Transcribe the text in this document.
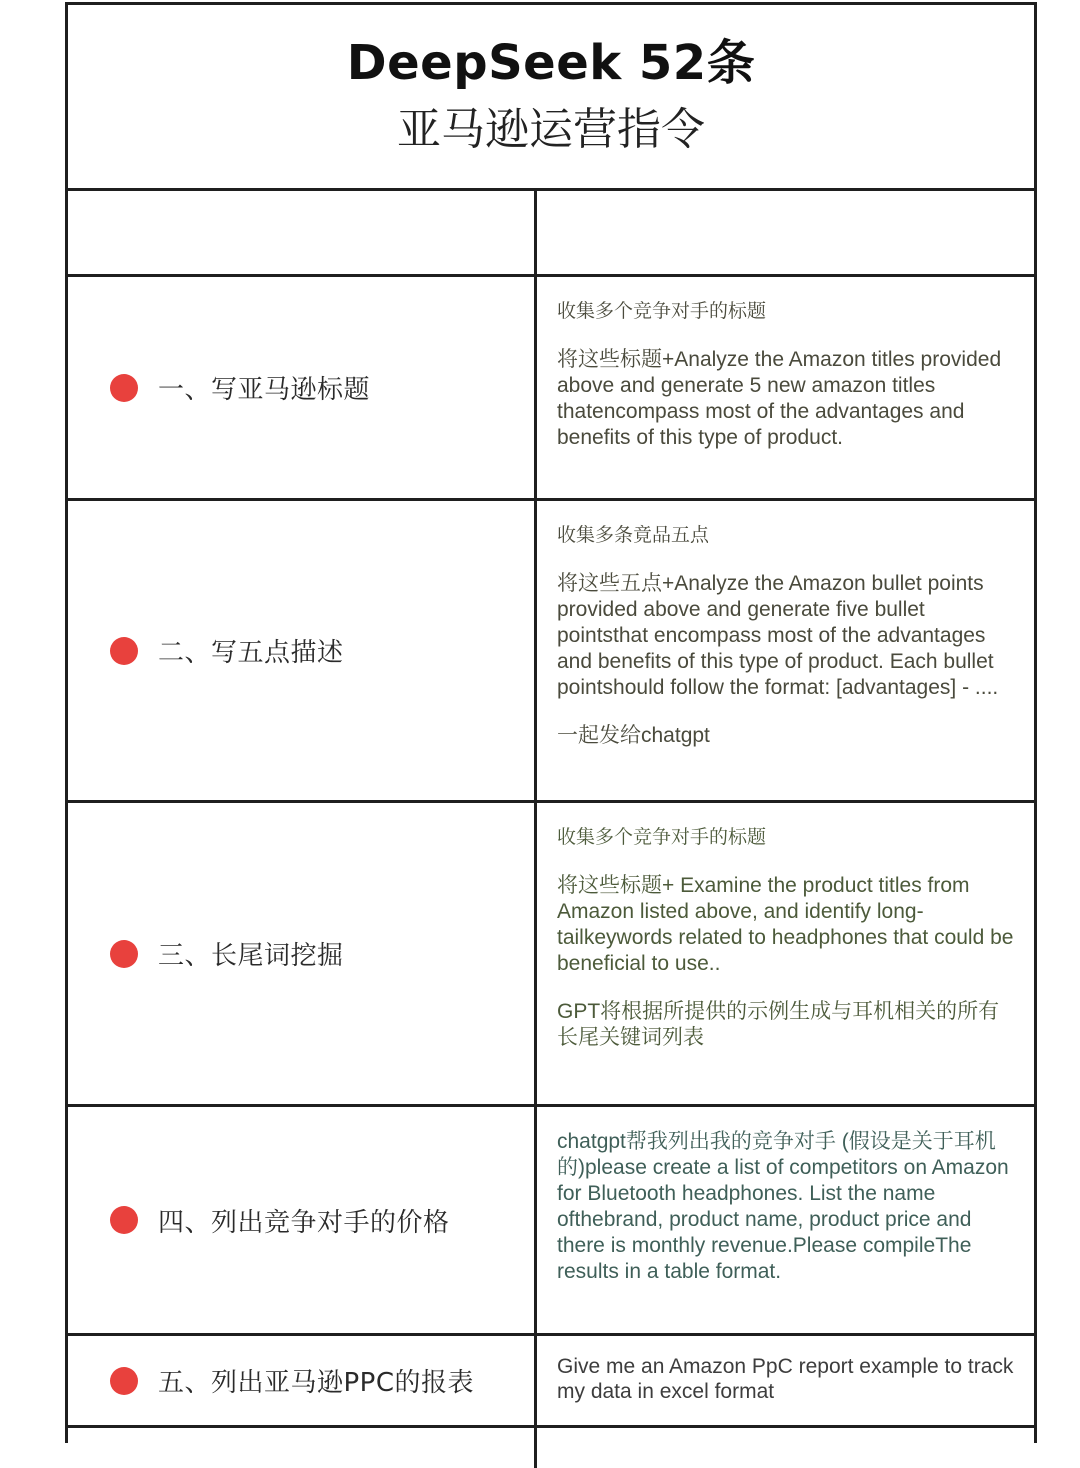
DeepSeek 52条
亚马逊运营指令
一、写亚马逊标题

收集多个竞争对手的标题

将这些标题+Analyze the Amazon titles provided above and generate 5 new amazon titles thatencompass most of the advantages and benefits of this type of product.

二、写五点描述

收集多条竟品五点

将这些五点+Analyze the Amazon bullet points provided above and generate five bullet pointsthat encompass most of the advantages and benefits of this type of product. Each bullet pointshould follow the format: [advantages] - ....

一起发给chatgpt

三、长尾词挖掘

收集多个竞争对手的标题

将这些标题+ Examine the product titles from Amazon listed above, and identify long-tailkeywords related to headphones that could be beneficial to use..

GPT将根据所提供的示例生成与耳机相关的所有长尾关键词列表

四、列出竞争对手的价格

chatgpt帮我列出我的竞争对手 (假设是关于耳机的)please create a list of competitors on Amazon for Bluetooth headphones. List the name ofthebrand, product name, product price and there is monthly revenue.Please compileThe results in a table format.

五、列出亚马逊PPC的报表

Give me an Amazon PpC report example to track my data in excel format
